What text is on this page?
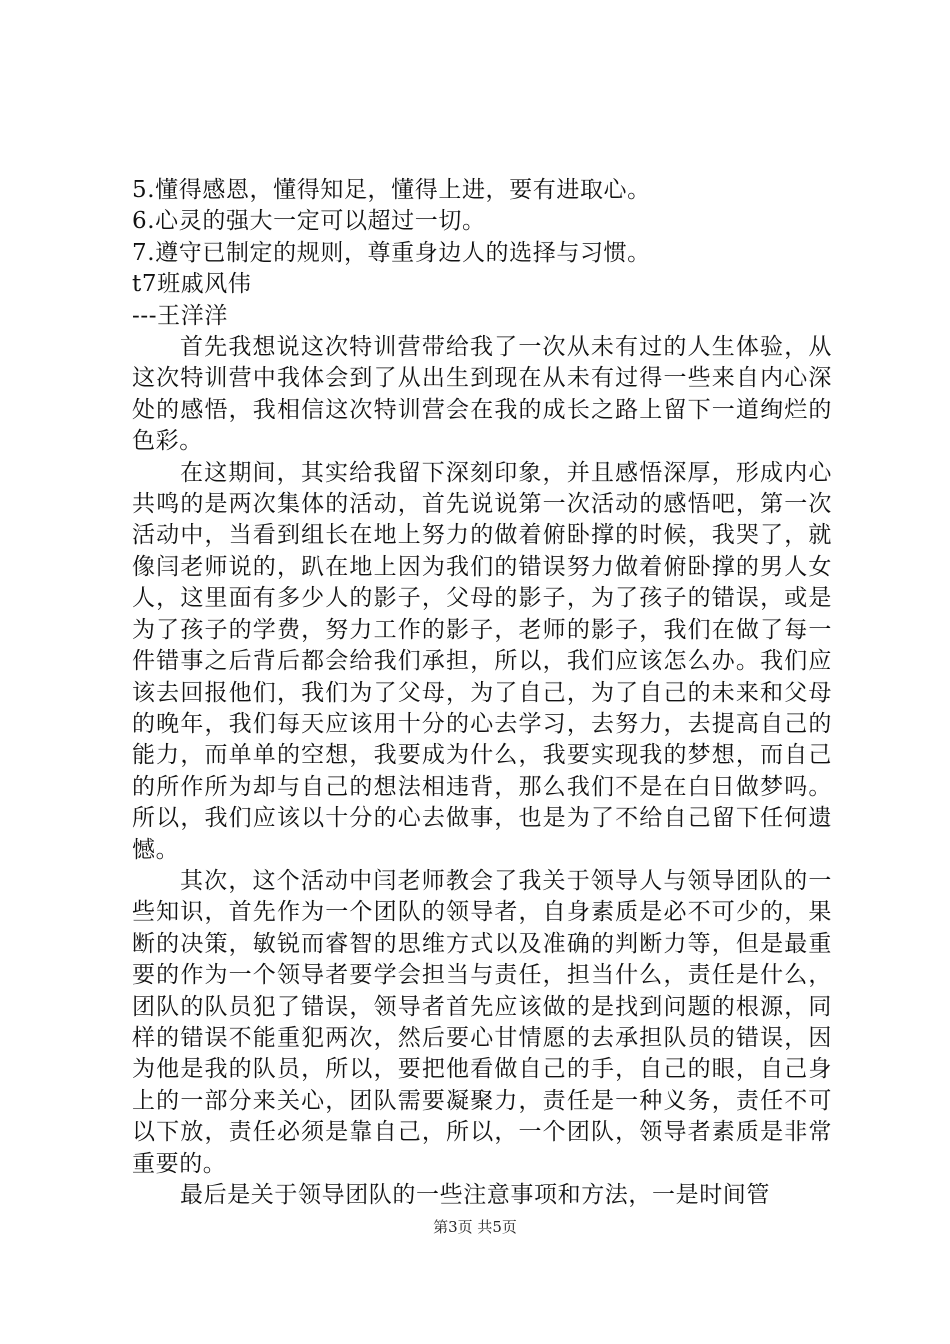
5.懂得感恩，懂得知足，懂得上进，要有进取心。
6.心灵的强大一定可以超过一切。
7.遵守已制定的规则，尊重身边人的选择与习惯。
t7班戚风伟
---王洋洋

首先我想说这次特训营带给我了一次从未有过的人生体验，从这次特训营中我体会到了从出生到现在从未有过得一些来自内心深处的感悟，我相信这次特训营会在我的成长之路上留下一道绚烂的色彩。

在这期间，其实给我留下深刻印象，并且感悟深厚，形成内心共鸣的是两次集体的活动，首先说说第一次活动的感悟吧，第一次活动中，当看到组长在地上努力的做着俯卧撑的时候，我哭了，就像闫老师说的，趴在地上因为我们的错误努力做着俯卧撑的男人女人，这里面有多少人的影子，父母的影子，为了孩子的错误，或是为了孩子的学费，努力工作的影子，老师的影子，我们在做了每一件错事之后背后都会给我们承担，所以，我们应该怎么办。我们应该去回报他们，我们为了父母，为了自己，为了自己的未来和父母的晚年，我们每天应该用十分的心去学习，去努力，去提高自己的能力，而单单的空想，我要成为什么，我要实现我的梦想，而自己的所作所为却与自己的想法相违背，那么我们不是在白日做梦吗。所以，我们应该以十分的心去做事，也是为了不给自己留下任何遗憾。

其次，这个活动中闫老师教会了我关于领导人与领导团队的一些知识，首先作为一个团队的领导者，自身素质是必不可少的，果断的决策，敏锐而睿智的思维方式以及准确的判断力等，但是最重要的作为一个领导者要学会担当与责任，担当什么，责任是什么，团队的队员犯了错误，领导者首先应该做的是找到问题的根源，同样的错误不能重犯两次，然后要心甘情愿的去承担队员的错误，因为他是我的队员，所以，要把他看做自己的手，自己的眼，自己身上的一部分来关心，团队需要凝聚力，责任是一种义务，责任不可以下放，责任必须是靠自己，所以，一个团队，领导者素质是非常重要的。

最后是关于领导团队的一些注意事项和方法，一是时间管

第3页 共5页
